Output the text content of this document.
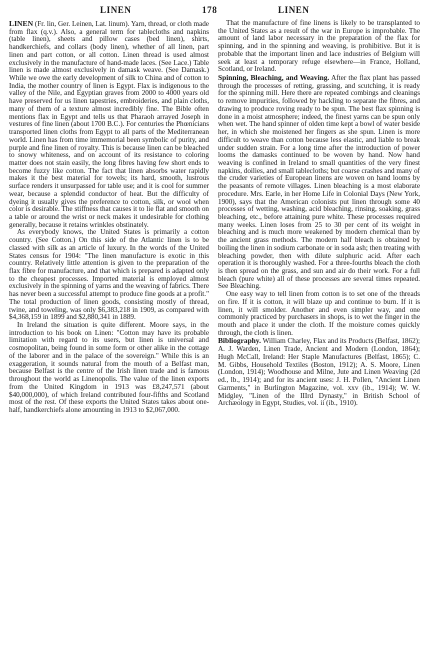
LINEN	178	LINEN

LINEN (Fr. lin, Ger. Leinen, Lat. linum). Yarn, thread, or cloth made from flax (q.v.). Also, a general term for tablecloths and napkins (table linen), sheets and pillow cases (bed linen), shirts, handkerchiefs, and collars (body linen), whether of all linen, part linen and part cotton, or all cotton. Linen thread is used almost exclusively in the manufacture of hand-made laces. (See Lace.) Table linen is made almost exclusively in damask weave. (See Damask.) While we owe the early development of silk to China and of cotton to India, the mother country of linen is Egypt. Flax is indigenous to the valley of the Nile, and Egyptian graves from 2000 to 4000 years old have preserved for us linen tapestries, embroideries, and plain cloths, many of them of a texture almost incredibly fine. The Bible often mentions flax in Egypt and tells us that Pharaoh arrayed Joseph in vestures of fine linen (about 1700 B.C.). For centuries the Phœnicians transported linen cloths from Egypt to all parts of the Mediterranean world. Linen has from time immemorial been symbolic of purity, and purple and fine linen of royalty. This is because linen can be bleached to snowy whiteness, and on account of its resistance to coloring matter does not stain easily, the long fibres having few short ends to become fuzzy like cotton. The fact that linen absorbs water rapidly makes it the best material for towels; its hard, smooth, lustrous surface renders it unsurpassed for table use; and it is cool for summer wear, because a splendid conductor of heat. But the difficulty of dyeing it usually gives the preference to cotton, silk, or wool when color is desirable. The stiffness that causes it to lie flat and smooth on a table or around the wrist or neck makes it undesirable for clothing generally, because it retains wrinkles obstinately.

As everybody knows, the United States is primarily a cotton country. (See Cotton.) On this side of the Atlantic linen is to be classed with silk as an article of luxury. In the words of the United States census for 1904: "The linen manufacture is exotic in this country. Relatively little attention is given to the preparation of the flax fibre for manufacture, and that which is prepared is adapted only to the cheapest processes. Imported material is employed almost exclusively in the spinning of yarns and the weaving of fabrics. There has never been a successful attempt to produce fine goods at a profit." The total production of linen goods, consisting mostly of thread, twine, and toweling, was only $6,383,218 in 1909, as compared with $4,368,159 in 1899 and $2,880,341 in 1889.

In Ireland the situation is quite different. Moore says, in the introduction to his book on Linen: "Cotton may have its probable limitation with regard to its users, but linen is universal and cosmopolitan, being found in some form or other alike in the cottage of the laborer and in the palace of the sovereign." While this is an exaggeration, it sounds natural from the mouth of a Belfast man, because Belfast is the centre of the Irish linen trade and is famous throughout the world as Linenopolis. The value of the linen exports from the United Kingdom in 1913 was £8,247,571 (about $40,000,000), of which Ireland contributed four-fifths and Scotland most of the rest. Of these exports the United States takes about one-half, handkerchiefs alone amounting in 1913 to $2,067,000.

That the manufacture of fine linens is likely to be transplanted to the United States as a result of the war in Europe is improbable. The amount of land labor necessary in the preparation of the flax for spinning, and in the spinning and weaving, is prohibitive. But it is probable that the important linen and lace industries of Belgium will seek at least a temporary refuge elsewhere—in France, Holland, Scotland, or Ireland.

Spinning, Bleaching, and Weaving. After the flax plant has passed through the processes of retting, grassing, and scutching, it is ready for the spinning mill. Here there are repeated combings and cleanings to remove impurities, followed by hackling to separate the fibres, and drawing to produce roving ready to be spun. The best flax spinning is done in a moist atmosphere; indeed, the finest yarns can be spun only when wet. The hand spinner of olden time kept a bowl of water beside her, in which she moistened her fingers as she spun. Linen is more difficult to weave than cotton because less elastic, and liable to break under sudden strain. For a long time after the introduction of power looms the damasks continued to be woven by hand. Now hand weaving is confined in Ireland to small quantities of the very finest napkins, doilies, and small tablecloths; but coarse crashes and many of the cruder varieties of European linens are woven on hand looms by the peasants of remote villages. Linen bleaching is a most elaborate procedure. Mrs. Earle, in her Home Life in Colonial Days (New York, 1900), says that the American colonists put linen through some 40 processes of wetting, washing, acid bleaching, rinsing, soaking, grass bleaching, etc., before attaining pure white. These processes required many weeks. Linen loses from 25 to 30 per cent of its weight in bleaching and is much more weakened by modern chemical than by the ancient grass methods. The modern half bleach is obtained by boiling the linen in sodium carbonate or in soda ash; then treating with bleaching powder, then with dilute sulphuric acid. After each operation it is thoroughly washed. For a three-fourths bleach the cloth is then spread on the grass, and sun and air do their work. For a full bleach (pure white) all of these processes are several times repeated. See Bleaching.

One easy way to tell linen from cotton is to set one of the threads on fire. If it is cotton, it will blaze up and continue to burn. If it is linen, it will smolder. Another and even simpler way, and one commonly practiced by purchasers in shops, is to wet the finger in the mouth and place it under the cloth. If the moisture comes quickly through, the cloth is linen.

Bibliography. William Charley, Flax and its Products (Belfast, 1862); A. J. Warden, Linen Trade, Ancient and Modern (London, 1864); Hugh McCall, Ireland: Her Staple Manufactures (Belfast, 1865); C. M. Gibbs, Household Textiles (Boston, 1912); A. S. Moore, Linen (London, 1914); Woodhouse and Milne, Jute and Linen Weaving (2d ed., lb., 1914); and for its ancient uses: J. H. Pollen, "Ancient Linen Garments," in Burlington Magazine, vol. xxv (ib., 1914); W. W. Midgley, "Linen of the IIIrd Dynasty," in British School of Archæology in Egypt, Studies, vol. ii (ib., 1910).
